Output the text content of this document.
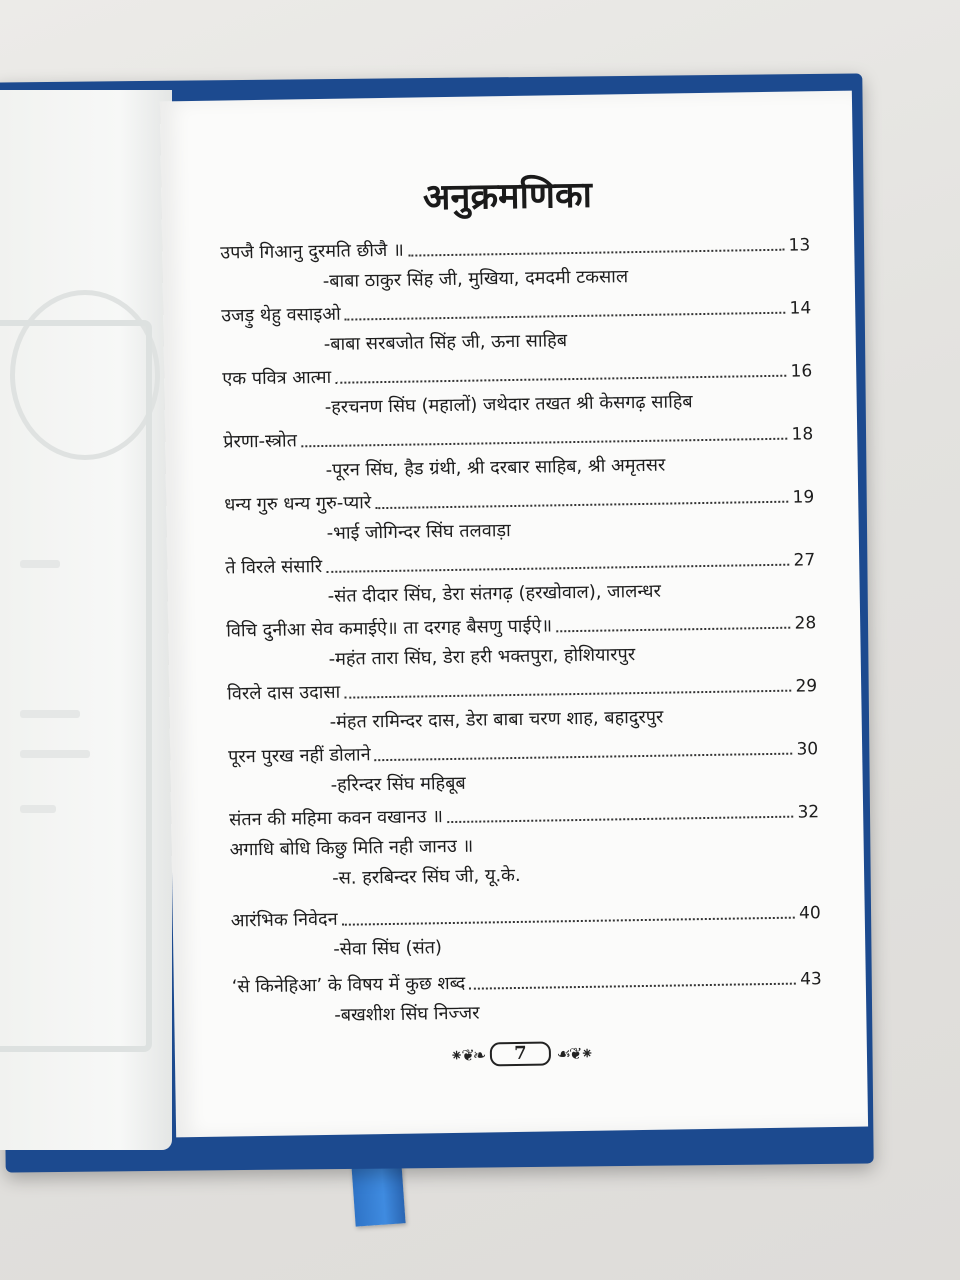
अनुक्रमणिका
उपजै गिआनु दुरमति छीजै ॥	13
-बाबा ठाकुर सिंह जी, मुखिया, दमदमी टकसाल
उजड़ु थेहु वसाइओ	14
-बाबा सरबजोत सिंह जी, ऊना साहिब
एक पवित्र आत्मा	16
-हरचनण सिंघ (महालों) जथेदार तखत श्री केसगढ़ साहिब
प्रेरणा-स्त्रोत	18
-पूरन सिंघ, हैड ग्रंथी, श्री दरबार साहिब, श्री अमृतसर
धन्य गुरु धन्य गुरु-प्यारे	19
-भाई जोगिन्दर सिंघ तलवाड़ा
ते विरले संसारि	27
-संत दीदार सिंघ, डेरा संतगढ़ (हरखोवाल), जालन्धर
विचि दुनीआ सेव कमाईऐ॥ ता दरगह बैसणु पाईऐ॥	28
-महंत तारा सिंघ, डेरा हरी भक्तपुरा, होशियारपुर
विरले दास उदासा	29
-मंहत रामिन्दर दास, डेरा बाबा चरण शाह, बहादुरपुर
पूरन पुरख नहीं डोलाने	30
-हरिन्दर सिंघ महिबूब
संतन की महिमा कवन वखानउ ॥	32
अगाधि बोधि किछु मिति नही जानउ ॥
-स. हरबिन्दर सिंघ जी, यू.के.
आरंभिक निवेदन	40
-सेवा सिंघ (संत)
‘से किनेहिआ’ के विषय में कुछ शब्द	43
-बखशीश सिंघ निज्जर
⁕❦❧	7	☙❦⁕
